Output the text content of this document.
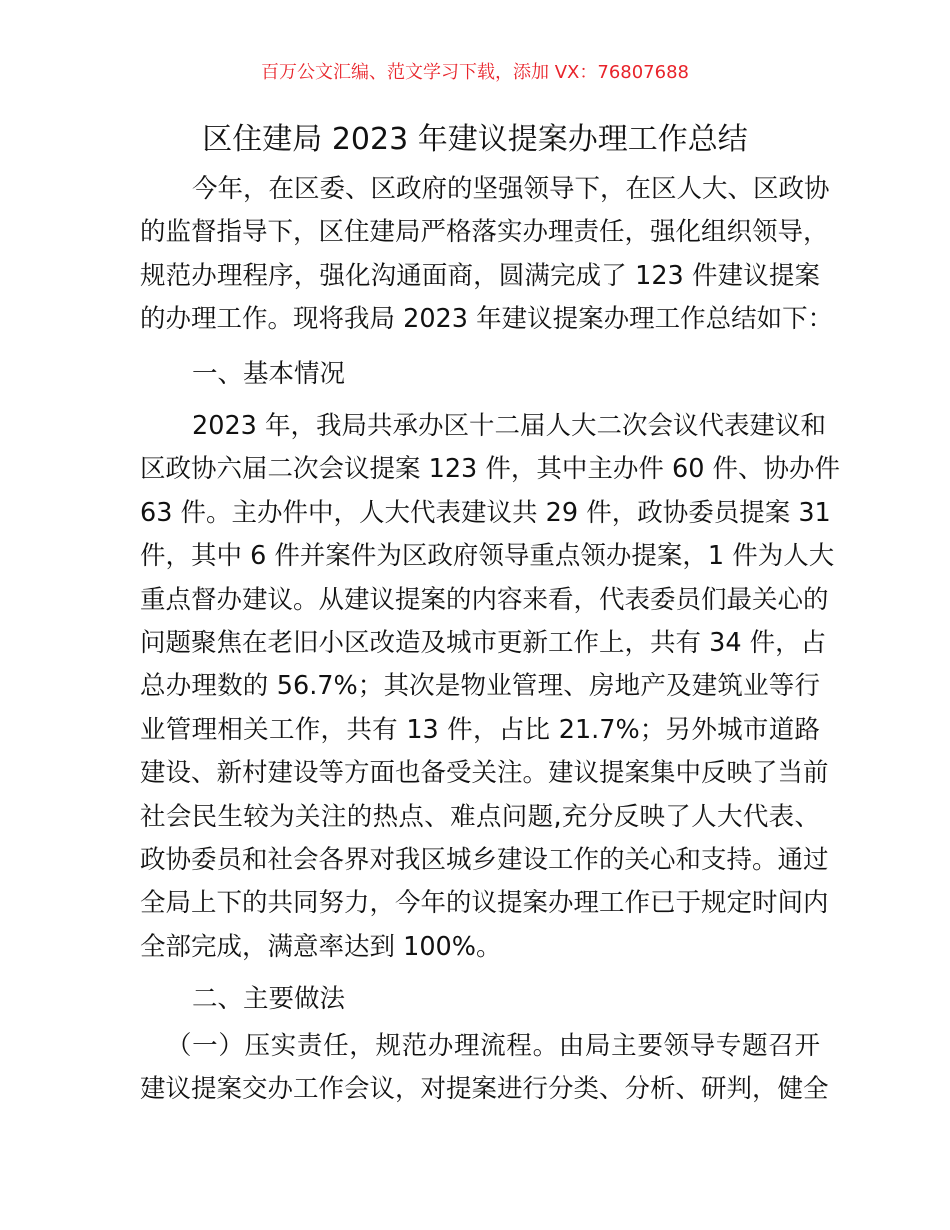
百万公文汇编、范文学习下载，添加 VX：76807688
区住建局 2023 年建议提案办理工作总结
今年，在区委、区政府的坚强领导下，在区人大、区政协
的监督指导下，区住建局严格落实办理责任，强化组织领导，
规范办理程序，强化沟通面商，圆满完成了 123 件建议提案
的办理工作。现将我局 2023 年建议提案办理工作总结如下：
一、基本情况
2023 年，我局共承办区十二届人大二次会议代表建议和
区政协六届二次会议提案 123 件，其中主办件 60 件、协办件
63 件。主办件中，人大代表建议共 29 件，政协委员提案 31
件，其中 6 件并案件为区政府领导重点领办提案，1 件为人大
重点督办建议。从建议提案的内容来看，代表委员们最关心的
问题聚焦在老旧小区改造及城市更新工作上，共有 34 件，占
总办理数的 56.7%；其次是物业管理、房地产及建筑业等行
业管理相关工作，共有 13 件，占比 21.7%；另外城市道路
建设、新村建设等方面也备受关注。建议提案集中反映了当前
社会民生较为关注的热点、难点问题,充分反映了人大代表、
政协委员和社会各界对我区城乡建设工作的关心和支持。通过
全局上下的共同努力，今年的议提案办理工作已于规定时间内
全部完成，满意率达到 100%。
二、主要做法
（一）压实责任，规范办理流程。由局主要领导专题召开
建议提案交办工作会议，对提案进行分类、分析、研判，健全
